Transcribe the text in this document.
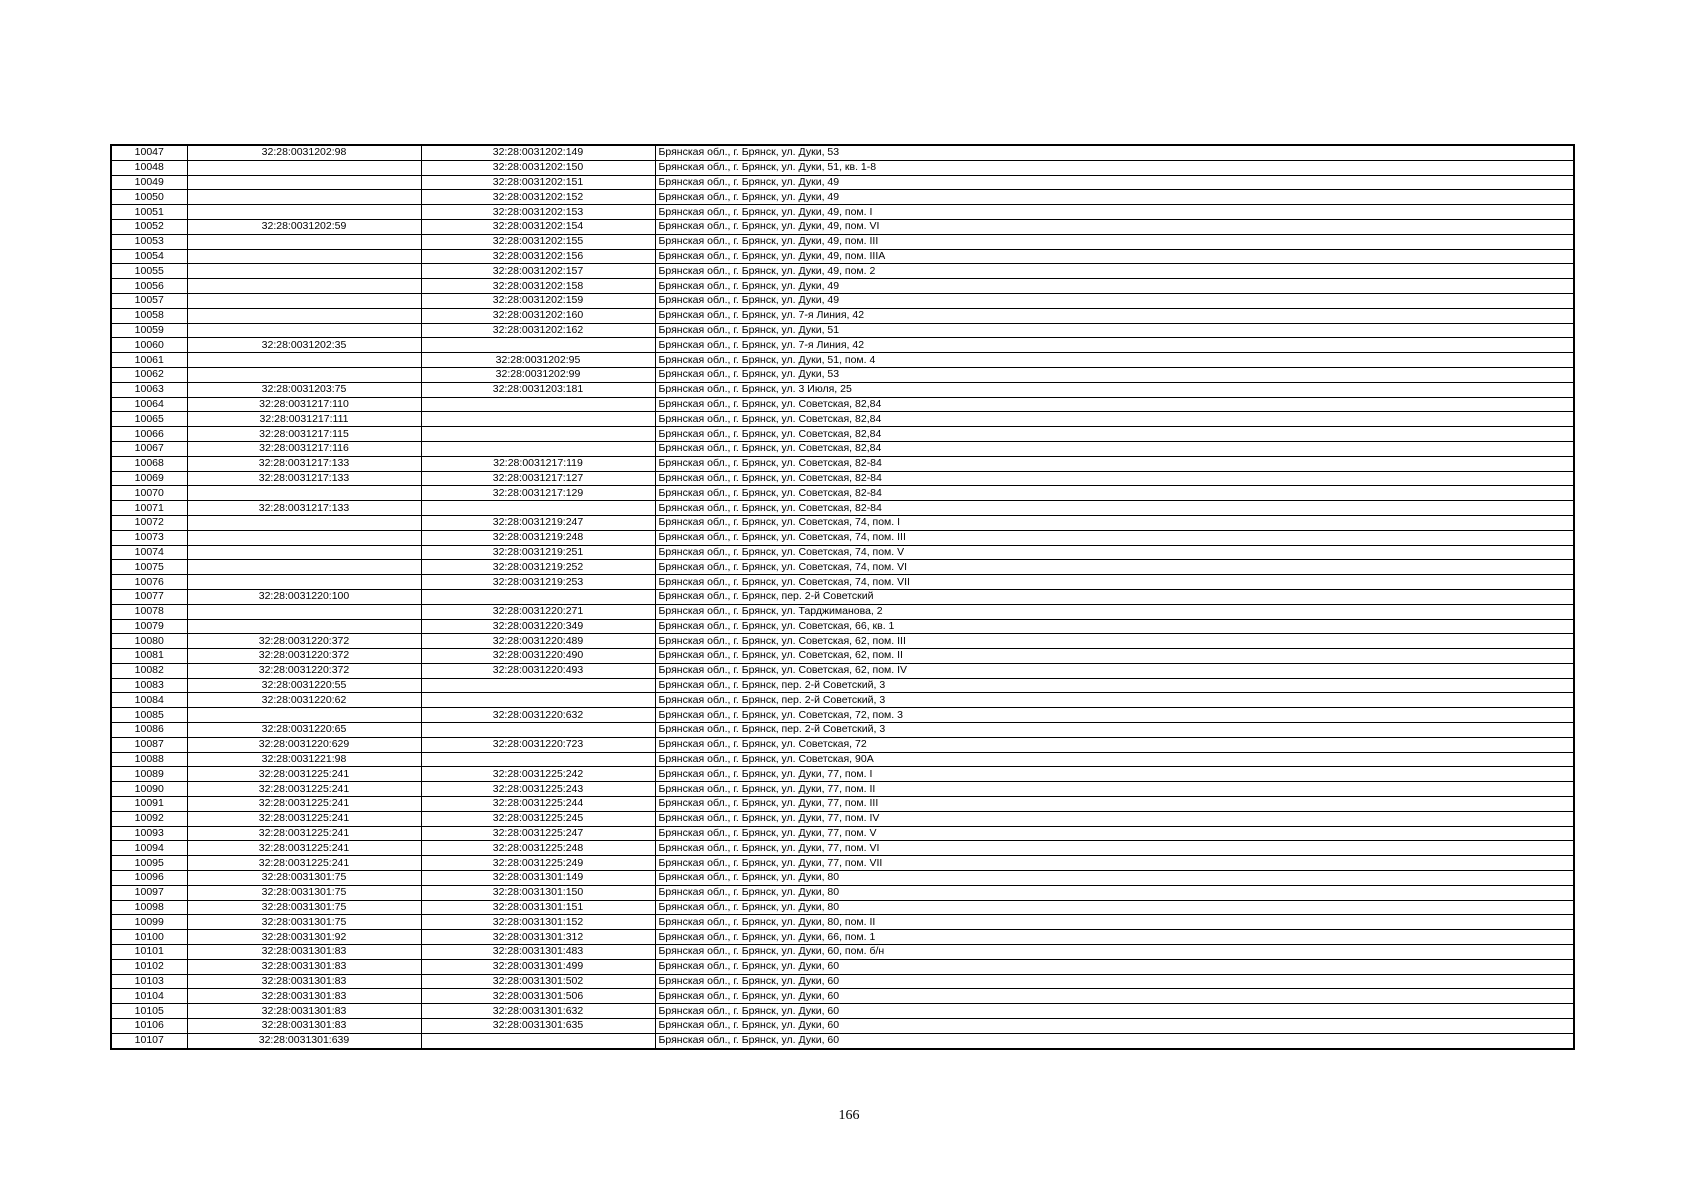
10047	32:28:0031202:98	32:28:0031202:149	Брянская обл., г. Брянск, ул. Дуки, 53
10048		32:28:0031202:150	Брянская обл., г. Брянск, ул. Дуки, 51, кв. 1-8
10049		32:28:0031202:151	Брянская обл., г. Брянск, ул. Дуки, 49
10050		32:28:0031202:152	Брянская обл., г. Брянск, ул. Дуки, 49
10051		32:28:0031202:153	Брянская обл., г. Брянск, ул. Дуки, 49, пом. I
10052	32:28:0031202:59	32:28:0031202:154	Брянская обл., г. Брянск, ул. Дуки, 49, пом. VI
10053		32:28:0031202:155	Брянская обл., г. Брянск, ул. Дуки, 49, пом. III
10054		32:28:0031202:156	Брянская обл., г. Брянск, ул. Дуки, 49, пом. IIIА
10055		32:28:0031202:157	Брянская обл., г. Брянск, ул. Дуки, 49, пом. 2
10056		32:28:0031202:158	Брянская обл., г. Брянск, ул. Дуки, 49
10057		32:28:0031202:159	Брянская обл., г. Брянск, ул. Дуки, 49
10058		32:28:0031202:160	Брянская обл., г. Брянск, ул. 7-я Линия, 42
10059		32:28:0031202:162	Брянская обл., г. Брянск, ул. Дуки, 51
10060	32:28:0031202:35		Брянская обл., г. Брянск, ул. 7-я Линия, 42
10061		32:28:0031202:95	Брянская обл., г. Брянск, ул. Дуки, 51, пом. 4
10062		32:28:0031202:99	Брянская обл., г. Брянск, ул. Дуки, 53
10063	32:28:0031203:75	32:28:0031203:181	Брянская обл., г. Брянск, ул. 3 Июля, 25
10064	32:28:0031217:110		Брянская обл., г. Брянск, ул. Советская, 82,84
10065	32:28:0031217:111		Брянская обл., г. Брянск, ул. Советская, 82,84
10066	32:28:0031217:115		Брянская обл., г. Брянск, ул. Советская, 82,84
10067	32:28:0031217:116		Брянская обл., г. Брянск, ул. Советская, 82,84
10068	32:28:0031217:133	32:28:0031217:119	Брянская обл., г. Брянск, ул. Советская, 82-84
10069	32:28:0031217:133	32:28:0031217:127	Брянская обл., г. Брянск, ул. Советская, 82-84
10070		32:28:0031217:129	Брянская обл., г. Брянск, ул. Советская, 82-84
10071	32:28:0031217:133		Брянская обл., г. Брянск, ул. Советская, 82-84
10072		32:28:0031219:247	Брянская обл., г. Брянск, ул. Советская, 74, пом. I
10073		32:28:0031219:248	Брянская обл., г. Брянск, ул. Советская, 74, пом. III
10074		32:28:0031219:251	Брянская обл., г. Брянск, ул. Советская, 74, пом. V
10075		32:28:0031219:252	Брянская обл., г. Брянск, ул. Советская, 74, пом. VI
10076		32:28:0031219:253	Брянская обл., г. Брянск, ул. Советская, 74, пом. VII
10077	32:28:0031220:100		Брянская обл., г. Брянск, пер. 2-й Советский
10078		32:28:0031220:271	Брянская обл., г. Брянск, ул. Тарджиманова, 2
10079		32:28:0031220:349	Брянская обл., г. Брянск, ул. Советская, 66, кв. 1
10080	32:28:0031220:372	32:28:0031220:489	Брянская обл., г. Брянск, ул. Советская, 62, пом. III
10081	32:28:0031220:372	32:28:0031220:490	Брянская обл., г. Брянск, ул. Советская, 62, пом. II
10082	32:28:0031220:372	32:28:0031220:493	Брянская обл., г. Брянск, ул. Советская, 62, пом. IV
10083	32:28:0031220:55		Брянская обл., г. Брянск, пер. 2-й Советский, 3
10084	32:28:0031220:62		Брянская обл., г. Брянск, пер. 2-й Советский, 3
10085		32:28:0031220:632	Брянская обл., г. Брянск, ул. Советская, 72, пом. 3
10086	32:28:0031220:65		Брянская обл., г. Брянск, пер. 2-й Советский, 3
10087	32:28:0031220:629	32:28:0031220:723	Брянская обл., г. Брянск, ул. Советская, 72
10088	32:28:0031221:98		Брянская обл., г. Брянск, ул. Советская, 90А
10089	32:28:0031225:241	32:28:0031225:242	Брянская обл., г. Брянск, ул. Дуки, 77, пом. I
10090	32:28:0031225:241	32:28:0031225:243	Брянская обл., г. Брянск, ул. Дуки, 77, пом. II
10091	32:28:0031225:241	32:28:0031225:244	Брянская обл., г. Брянск, ул. Дуки, 77, пом. III
10092	32:28:0031225:241	32:28:0031225:245	Брянская обл., г. Брянск, ул. Дуки, 77, пом. IV
10093	32:28:0031225:241	32:28:0031225:247	Брянская обл., г. Брянск, ул. Дуки, 77, пом. V
10094	32:28:0031225:241	32:28:0031225:248	Брянская обл., г. Брянск, ул. Дуки, 77, пом. VI
10095	32:28:0031225:241	32:28:0031225:249	Брянская обл., г. Брянск, ул. Дуки, 77, пом. VII
10096	32:28:0031301:75	32:28:0031301:149	Брянская обл., г. Брянск, ул. Дуки, 80
10097	32:28:0031301:75	32:28:0031301:150	Брянская обл., г. Брянск, ул. Дуки, 80
10098	32:28:0031301:75	32:28:0031301:151	Брянская обл., г. Брянск, ул. Дуки, 80
10099	32:28:0031301:75	32:28:0031301:152	Брянская обл., г. Брянск, ул. Дуки, 80, пом. II
10100	32:28:0031301:92	32:28:0031301:312	Брянская обл., г. Брянск, ул. Дуки, 66, пом. 1
10101	32:28:0031301:83	32:28:0031301:483	Брянская обл., г. Брянск, ул. Дуки, 60, пом. б/н
10102	32:28:0031301:83	32:28:0031301:499	Брянская обл., г. Брянск, ул. Дуки, 60
10103	32:28:0031301:83	32:28:0031301:502	Брянская обл., г. Брянск, ул. Дуки, 60
10104	32:28:0031301:83	32:28:0031301:506	Брянская обл., г. Брянск, ул. Дуки, 60
10105	32:28:0031301:83	32:28:0031301:632	Брянская обл., г. Брянск, ул. Дуки, 60
10106	32:28:0031301:83	32:28:0031301:635	Брянская обл., г. Брянск, ул. Дуки, 60
10107	32:28:0031301:639		Брянская обл., г. Брянск, ул. Дуки, 60
166
